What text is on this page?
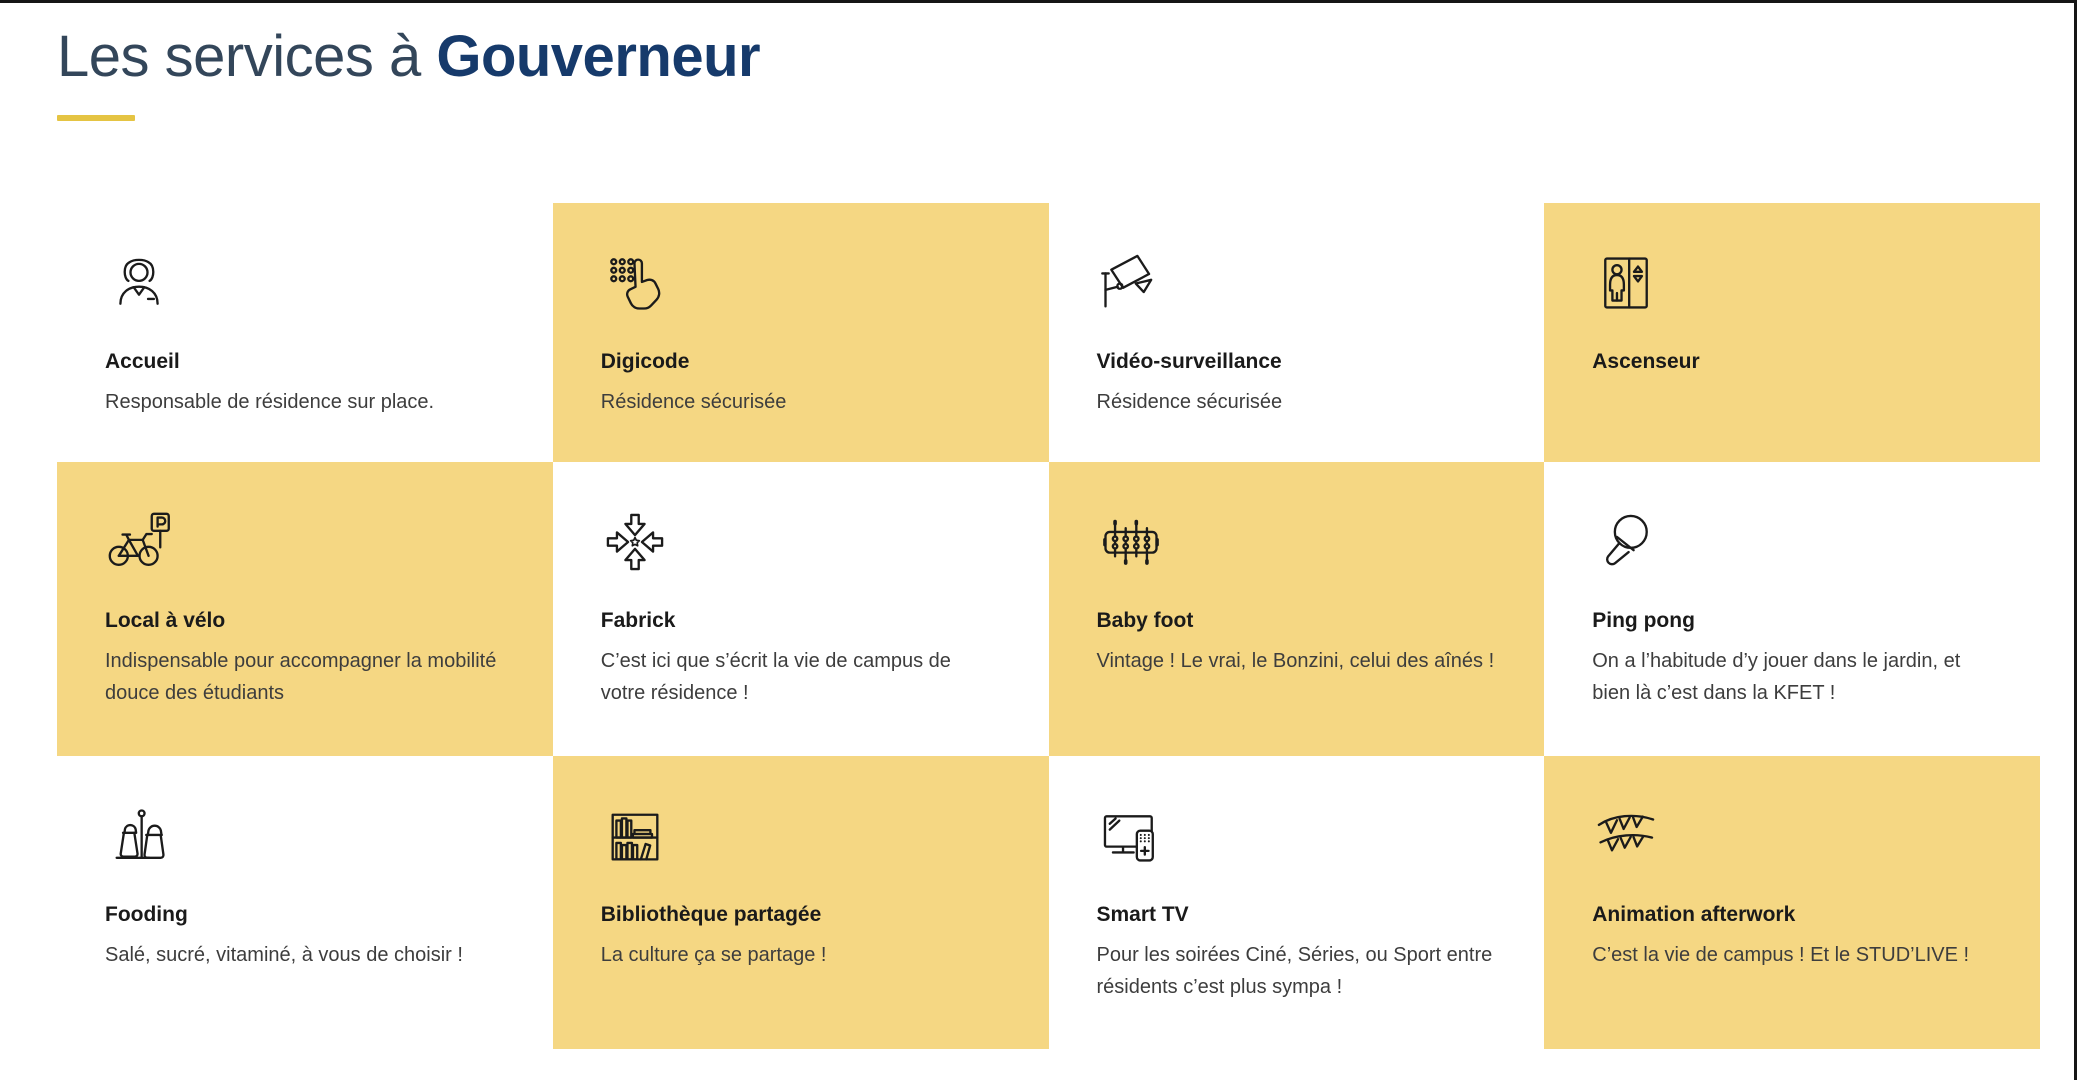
Les services à Gouverneur
Accueil
Responsable de résidence sur place.
Digicode
Résidence sécurisée
Vidéo-surveillance
Résidence sécurisée
Ascenseur
Local à vélo
Indispensable pour accompagner la mobilité douce des étudiants
Fabrick
C’est ici que s’écrit la vie de campus de votre résidence !
Baby foot
Vintage ! Le vrai, le Bonzini, celui des aînés !
Ping pong
On a l’habitude d’y jouer dans le jardin, et bien là c’est dans la KFET !
Fooding
Salé, sucré, vitaminé, à vous de choisir !
Bibliothèque partagée
La culture ça se partage !
Smart TV
Pour les soirées Ciné, Séries, ou Sport entre résidents c’est plus sympa !
Animation afterwork
C’est la vie de campus ! Et le STUD’LIVE !
